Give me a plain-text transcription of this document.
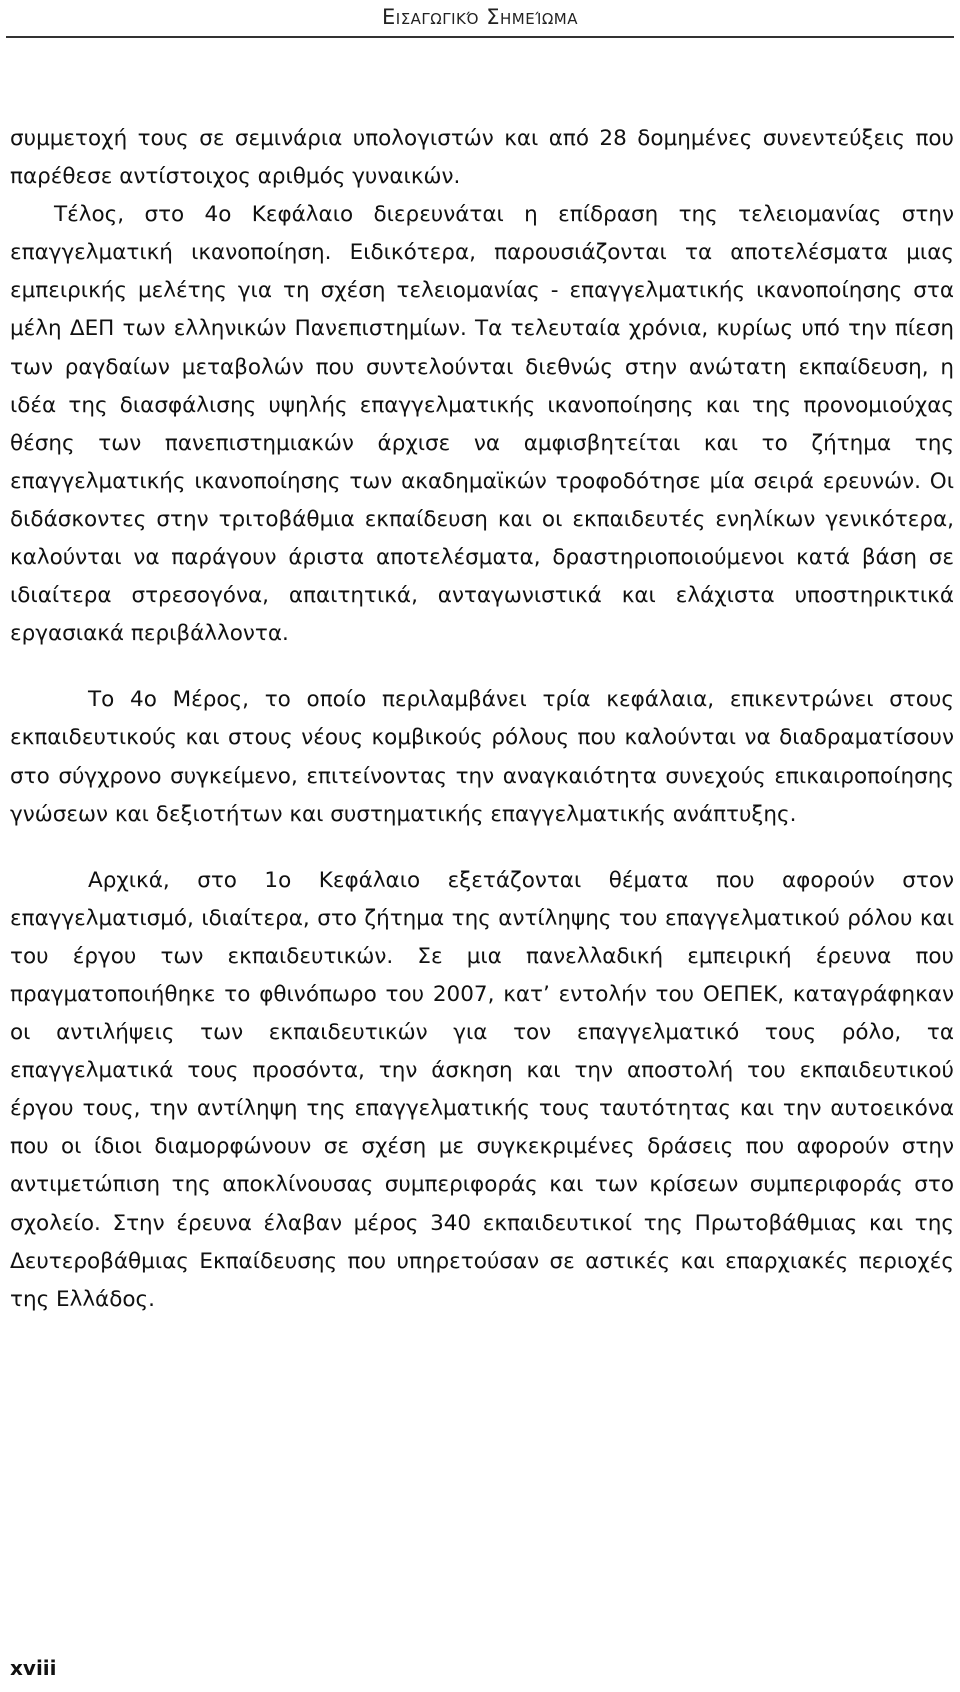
Εισαγωγικό Σημείωμα

συμμετοχή τους σε σεμινάρια υπολογιστών και από 28 δομημένες συνεντεύξεις που παρέθεσε αντίστοιχος αριθμός γυναικών.

Τέλος, στο 4ο Κεφάλαιο διερευνάται η επίδραση της τελειομανίας στην επαγγελματική ικανοποίηση. Ειδικότερα, παρουσιάζονται τα αποτελέσματα μιας εμπειρικής μελέτης για τη σχέση τελειομανίας - επαγγελματικής ικανοποίησης στα μέλη ΔΕΠ των ελληνικών Πανεπιστημίων. Τα τελευταία χρόνια, κυρίως υπό την πίεση των ραγδαίων μεταβολών που συντελούνται διεθνώς στην ανώτατη εκπαίδευση, η ιδέα της διασφάλισης υψηλής επαγγελματικής ικανοποίησης και της προνομιούχας θέσης των πανεπιστημιακών άρχισε να αμφισβητείται και το ζήτημα της επαγγελματικής ικανοποίησης των ακαδημαϊκών τροφοδότησε μία σειρά ερευνών. Οι διδάσκοντες στην τριτοβάθμια εκπαίδευση και οι εκπαιδευτές ενηλίκων γενικότερα, καλούνται να παράγουν άριστα αποτελέσματα, δραστηριοποιούμενοι κατά βάση σε ιδιαίτερα στρεσογόνα, απαιτητικά, ανταγωνιστικά και ελάχιστα υποστηρικτικά εργασιακά περιβάλλοντα.

Το 4ο Μέρος, το οποίο περιλαμβάνει τρία κεφάλαια, επικεντρώνει στους εκπαιδευτικούς και στους νέους κομβικούς ρόλους που καλούνται να διαδραματίσουν στο σύγχρονο συγκείμενο, επιτείνοντας την αναγκαιότητα συνεχούς επικαιροποίησης γνώσεων και δεξιοτήτων και συστηματικής επαγγελματικής ανάπτυξης.

Αρχικά, στο 1ο Κεφάλαιο εξετάζονται θέματα που αφορούν στον επαγγελματισμό, ιδιαίτερα, στο ζήτημα της αντίληψης του επαγγελματικού ρόλου και του έργου των εκπαιδευτικών. Σε μια πανελλαδική εμπειρική έρευνα που πραγματοποιήθηκε το φθινόπωρο του 2007, κατ’ εντολήν του ΟΕΠΕΚ, καταγράφηκαν οι αντιλήψεις των εκπαιδευτικών για τον επαγγελματικό τους ρόλο, τα επαγγελματικά τους προσόντα, την άσκηση και την αποστολή του εκπαιδευτικού έργου τους, την αντίληψη της επαγγελματικής τους ταυτότητας και την αυτοεικόνα που οι ίδιοι διαμορφώνουν σε σχέση με συγκεκριμένες δράσεις που αφορούν στην αντιμετώπιση της αποκλίνουσας συμπεριφοράς και των κρίσεων συμπεριφοράς στο σχολείο. Στην έρευνα έλαβαν μέρος 340 εκπαιδευτικοί της Πρωτοβάθμιας και της Δευτεροβάθμιας Εκπαίδευσης που υπηρετούσαν σε αστικές και επαρχιακές περιοχές της Ελλάδος.

xviii
